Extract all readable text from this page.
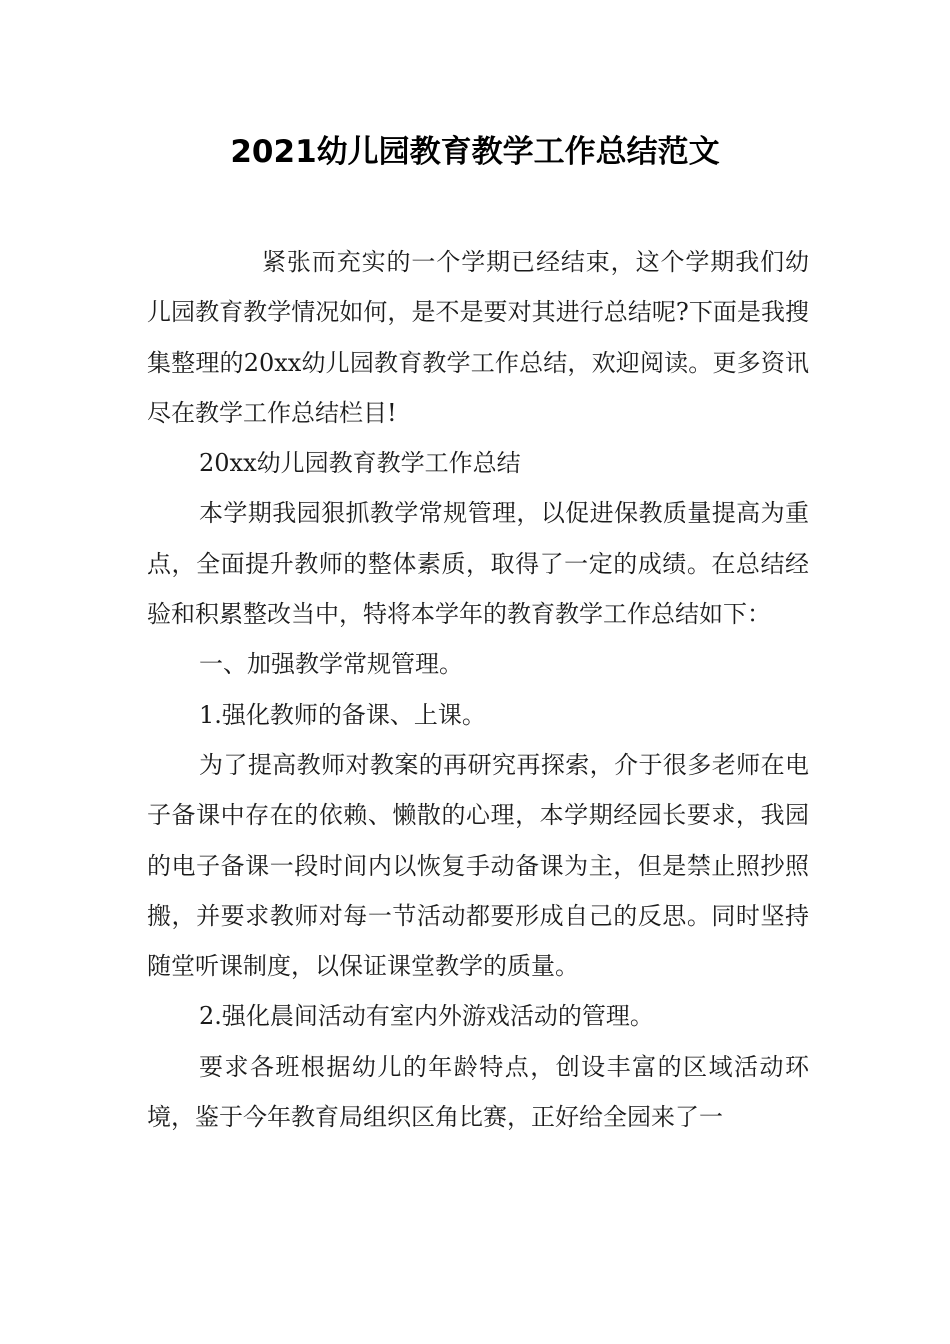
2021幼儿园教育教学工作总结范文

紧张而充实的一个学期已经结束，这个学期我们幼儿园教育教学情况如何，是不是要对其进行总结呢?下面是我搜集整理的20xx幼儿园教育教学工作总结，欢迎阅读。更多资讯尽在教学工作总结栏目!

20xx幼儿园教育教学工作总结

本学期我园狠抓教学常规管理，以促进保教质量提高为重点，全面提升教师的整体素质，取得了一定的成绩。在总结经验和积累整改当中，特将本学年的教育教学工作总结如下：

一、加强教学常规管理。

1.强化教师的备课、上课。

为了提高教师对教案的再研究再探索，介于很多老师在电子备课中存在的依赖、懒散的心理，本学期经园长要求，我园的电子备课一段时间内以恢复手动备课为主，但是禁止照抄照搬，并要求教师对每一节活动都要形成自己的反思。同时坚持随堂听课制度，以保证课堂教学的质量。

2.强化晨间活动有室内外游戏活动的管理。

要求各班根据幼儿的年龄特点，创设丰富的区域活动环境，鉴于今年教育局组织区角比赛，正好给全园来了一
